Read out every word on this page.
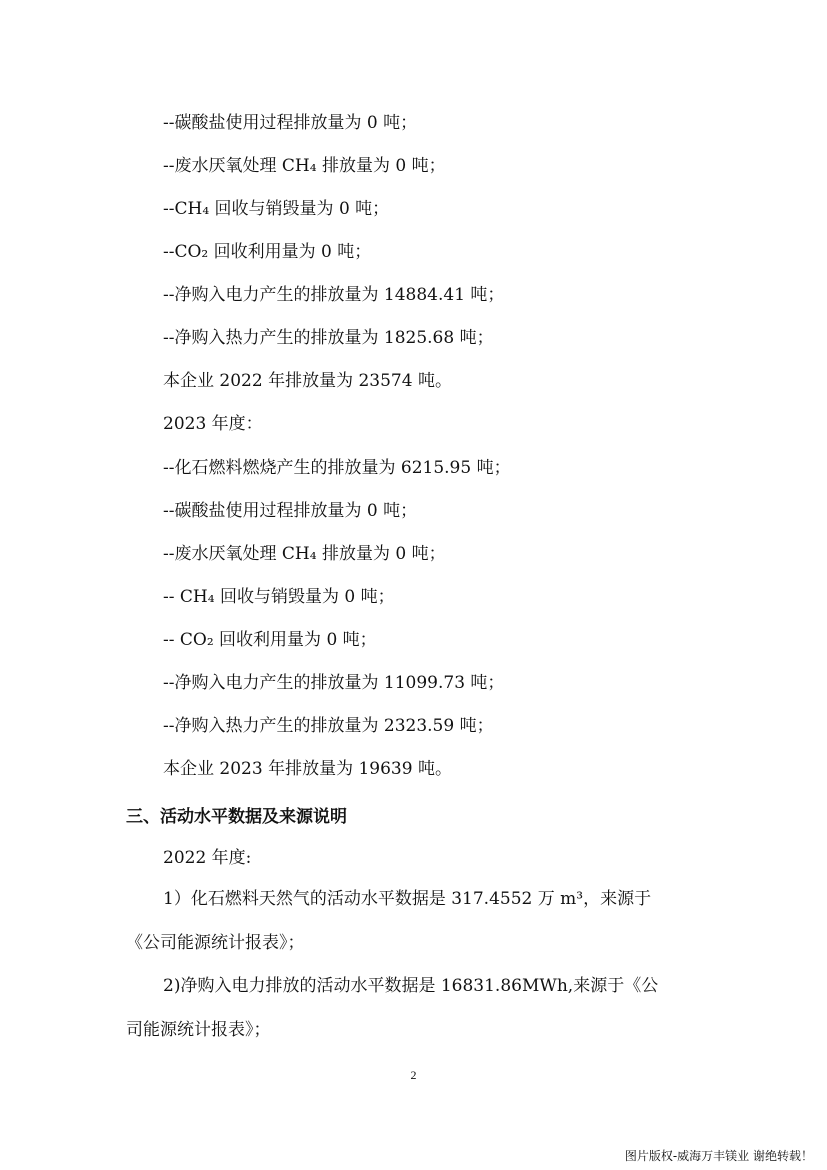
--碳酸盐使用过程排放量为 0 吨；
--废水厌氧处理 CH₄ 排放量为 0 吨；
--CH₄ 回收与销毁量为 0 吨；
--CO₂ 回收利用量为 0 吨；
--净购入电力产生的排放量为 14884.41 吨；
--净购入热力产生的排放量为 1825.68 吨；
本企业 2022 年排放量为 23574 吨。
2023 年度：
--化石燃料燃烧产生的排放量为 6215.95 吨；
--碳酸盐使用过程排放量为 0 吨；
--废水厌氧处理 CH₄ 排放量为 0 吨；
-- CH₄ 回收与销毁量为 0 吨；
-- CO₂ 回收利用量为 0 吨；
--净购入电力产生的排放量为 11099.73 吨；
--净购入热力产生的排放量为 2323.59 吨；
本企业 2023 年排放量为 19639 吨。
三、活动水平数据及来源说明
2022 年度:
1）化石燃料天然气的活动水平数据是 317.4552 万 m³，来源于
《公司能源统计报表》；
2)净购入电力排放的活动水平数据是 16831.86MWh,来源于《公
司能源统计报表》；
2
图片版权-威海万丰镁业 谢绝转载！
